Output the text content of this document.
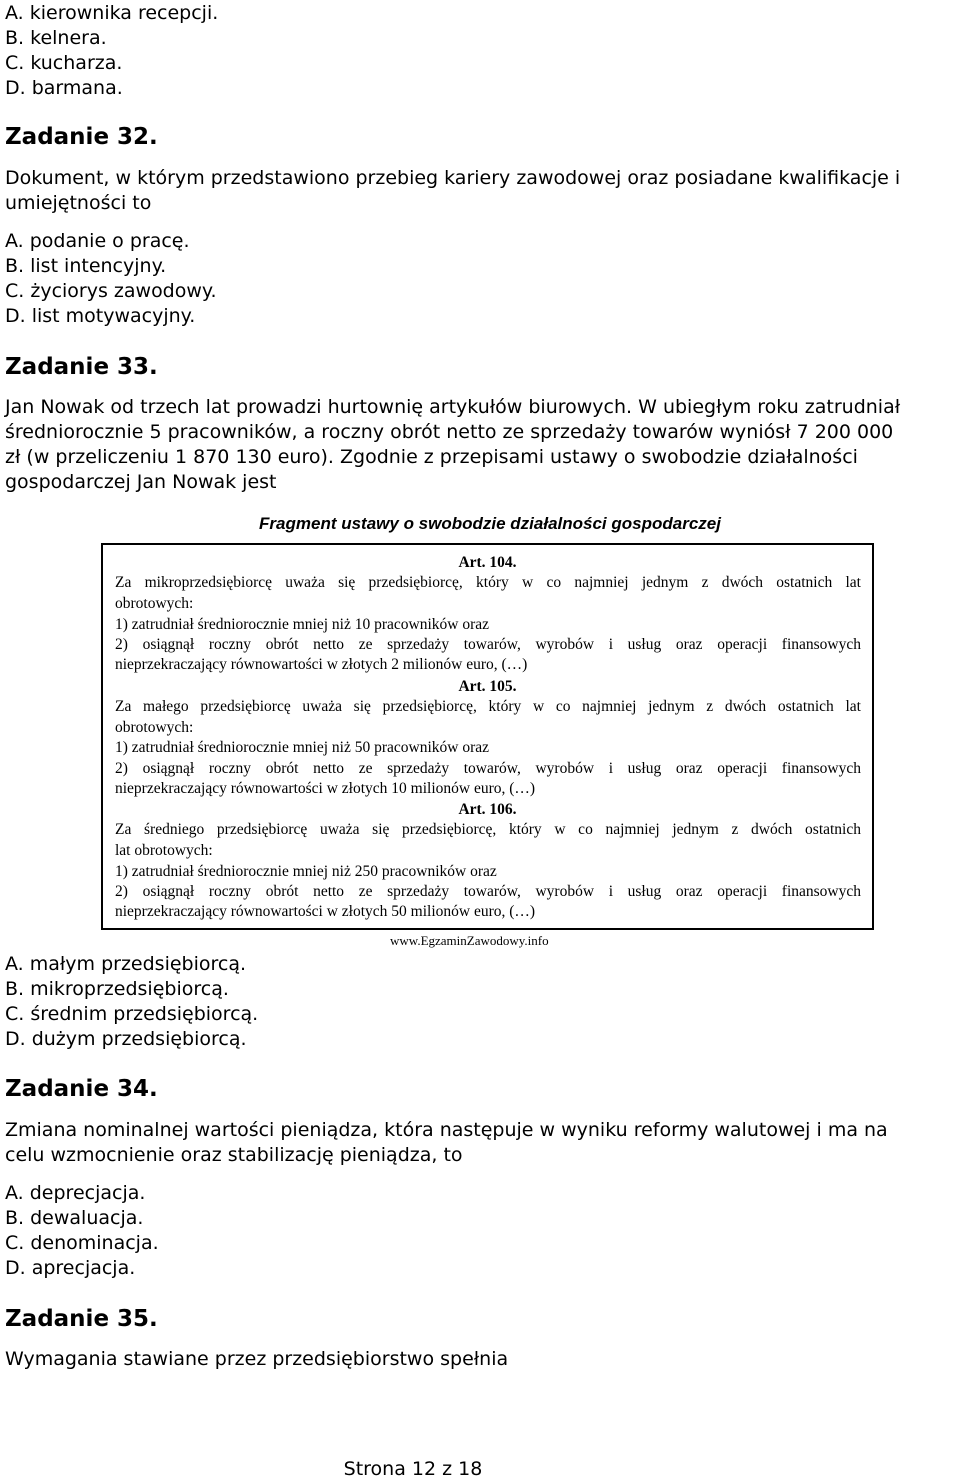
A. kierownika recepcji.
B. kelnera.
C. kucharza.
D. barmana.
Zadanie 32.
Dokument, w którym przedstawiono przebieg kariery zawodowej oraz posiadane kwalifikacje i
umiejętności to
A. podanie o pracę.
B. list intencyjny.
C. życiorys zawodowy.
D. list motywacyjny.
Zadanie 33.
Jan Nowak od trzech lat prowadzi hurtownię artykułów biurowych. W ubiegłym roku zatrudniał
średniorocznie 5 pracowników, a roczny obrót netto ze sprzedaży towarów wyniósł 7 200 000
zł (w przeliczeniu 1 870 130 euro). Zgodnie z przepisami ustawy o swobodzie działalności
gospodarczej Jan Nowak jest
Fragment ustawy o swobodzie działalności gospodarczej
Art. 104.
Za mikroprzedsiębiorcę uważa się przedsiębiorcę, który w co najmniej jednym z dwóch ostatnich lat
obrotowych:
1) zatrudniał średniorocznie mniej niż 10 pracowników oraz
2) osiągnął roczny obrót netto ze sprzedaży towarów, wyrobów i usług oraz operacji finansowych
nieprzekraczający równowartości w złotych 2 milionów euro, (…)
Art. 105.
Za małego przedsiębiorcę uważa się przedsiębiorcę, który w co najmniej jednym z dwóch ostatnich lat
obrotowych:
1) zatrudniał średniorocznie mniej niż 50 pracowników oraz
2) osiągnął roczny obrót netto ze sprzedaży towarów, wyrobów i usług oraz operacji finansowych
nieprzekraczający równowartości w złotych 10 milionów euro, (…)
Art. 106.
Za średniego przedsiębiorcę uważa się przedsiębiorcę, który w co najmniej jednym z dwóch ostatnich
lat obrotowych:
1) zatrudniał średniorocznie mniej niż 250 pracowników oraz
2) osiągnął roczny obrót netto ze sprzedaży towarów, wyrobów i usług oraz operacji finansowych
nieprzekraczający równowartości w złotych 50 milionów euro, (…)
www.EgzaminZawodowy.info
A. małym przedsiębiorcą.
B. mikroprzedsiębiorcą.
C. średnim przedsiębiorcą.
D. dużym przedsiębiorcą.
Zadanie 34.
Zmiana nominalnej wartości pieniądza, która następuje w wyniku reformy walutowej i ma na
celu wzmocnienie oraz stabilizację pieniądza, to
A. deprecjacja.
B. dewaluacja.
C. denominacja.
D. aprecjacja.
Zadanie 35.
Wymagania stawiane przez przedsiębiorstwo spełnia
Strona 12 z 18
